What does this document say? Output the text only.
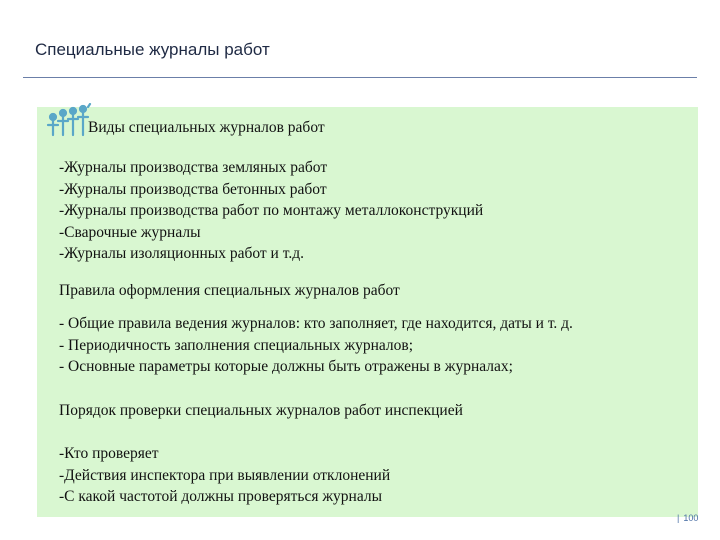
Специальные журналы работ
Виды специальных журналов работ
-Журналы производства земляных работ
-Журналы производства бетонных работ
-Журналы производства работ по монтажу металлоконструкций
-Сварочные журналы
-Журналы изоляционных работ и т.д.
Правила оформления специальных журналов работ
- Общие правила ведения журналов: кто заполняет, где находится, даты и т. д.
- Периодичность заполнения специальных журналов;
- Основные параметры которые должны быть отражены в журналах;
Порядок проверки специальных журналов работ инспекцией
-Кто проверяет
-Действия инспектора при выявлении отклонений
-С какой частотой должны проверяться журналы
| 100
